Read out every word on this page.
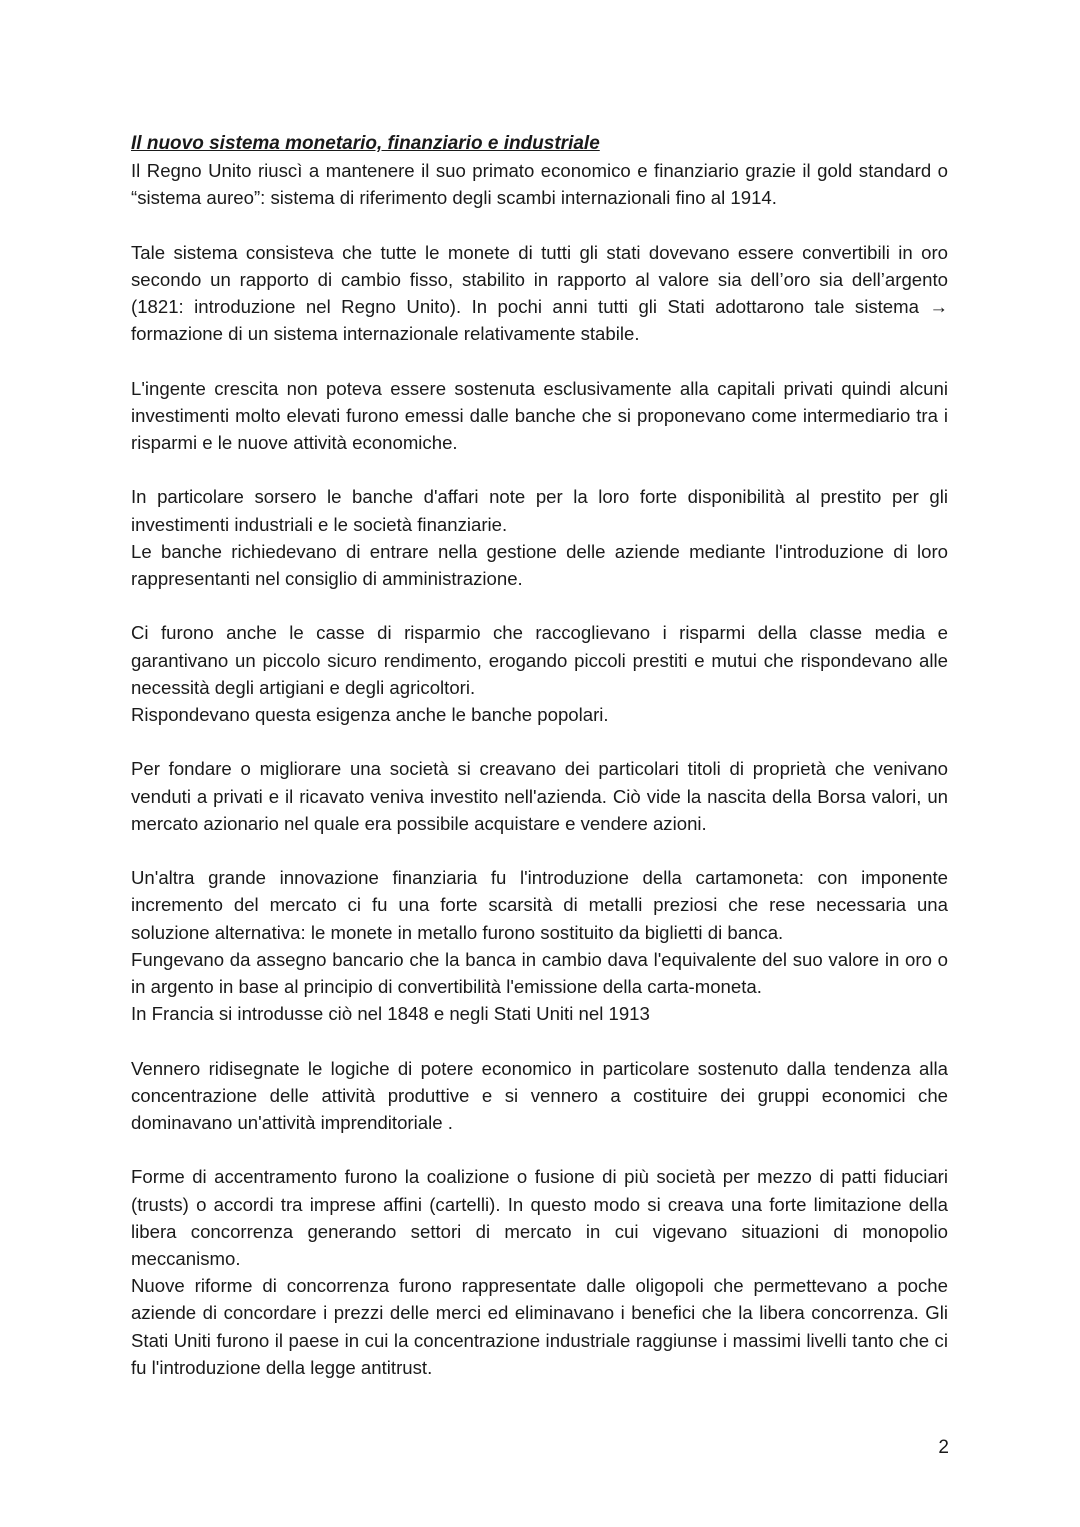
Il nuovo sistema monetario, finanziario e industriale

Il Regno Unito riuscì a mantenere il suo primato economico e finanziario grazie il gold standard o “sistema aureo”: sistema di riferimento degli scambi internazionali fino al 1914.

Tale sistema consisteva che tutte le monete di tutti gli stati dovevano essere convertibili in oro secondo un rapporto di cambio fisso, stabilito in rapporto al valore sia dell’oro sia dell’argento (1821: introduzione nel Regno Unito). In pochi anni tutti gli Stati adottarono tale sistema → formazione di un sistema internazionale relativamente stabile.

L'ingente crescita non poteva essere sostenuta esclusivamente alla capitali privati quindi alcuni investimenti molto elevati furono emessi dalle banche che si proponevano come intermediario tra i risparmi e le nuove attività economiche.

In particolare sorsero le banche d'affari note per la loro forte disponibilità al prestito per gli investimenti industriali e le società finanziarie.

Le banche richiedevano di entrare nella gestione delle aziende mediante l'introduzione di loro rappresentanti nel consiglio di amministrazione.

Ci furono anche le casse di risparmio che raccoglievano i risparmi della classe media e garantivano un piccolo sicuro rendimento, erogando piccoli prestiti e mutui che rispondevano alle necessità degli artigiani e degli agricoltori.

Rispondevano questa esigenza anche le banche popolari.

Per fondare o migliorare una società si creavano dei particolari titoli di proprietà che venivano venduti a privati e il ricavato veniva investito nell'azienda. Ciò vide la nascita della Borsa valori, un mercato azionario nel quale era possibile acquistare e vendere azioni.

Un'altra grande innovazione finanziaria fu l'introduzione della cartamoneta: con imponente incremento del mercato ci fu una forte scarsità di metalli preziosi che rese necessaria una soluzione alternativa: le monete in metallo furono sostituito da biglietti di banca.

Fungevano da assegno bancario che la banca in cambio dava l'equivalente del suo valore in oro o in argento in base al principio di convertibilità l'emissione della carta-moneta.

In Francia si introdusse ciò nel 1848 e negli Stati Uniti nel 1913

Vennero ridisegnate le logiche di potere economico in particolare sostenuto dalla tendenza alla concentrazione delle attività produttive e si vennero a costituire dei gruppi economici che dominavano un'attività imprenditoriale .

Forme di accentramento furono la coalizione o fusione di più società per mezzo di patti fiduciari (trusts) o accordi tra imprese affini (cartelli). In questo modo si creava una forte limitazione della libera concorrenza generando settori di mercato in cui vigevano situazioni di monopolio meccanismo.

Nuove riforme di concorrenza furono rappresentate dalle oligopoli che permettevano a poche aziende di concordare i prezzi delle merci ed eliminavano i benefici che la libera concorrenza. Gli Stati Uniti furono il paese in cui la concentrazione industriale raggiunse i massimi livelli tanto che ci fu l'introduzione della legge antitrust.

2
